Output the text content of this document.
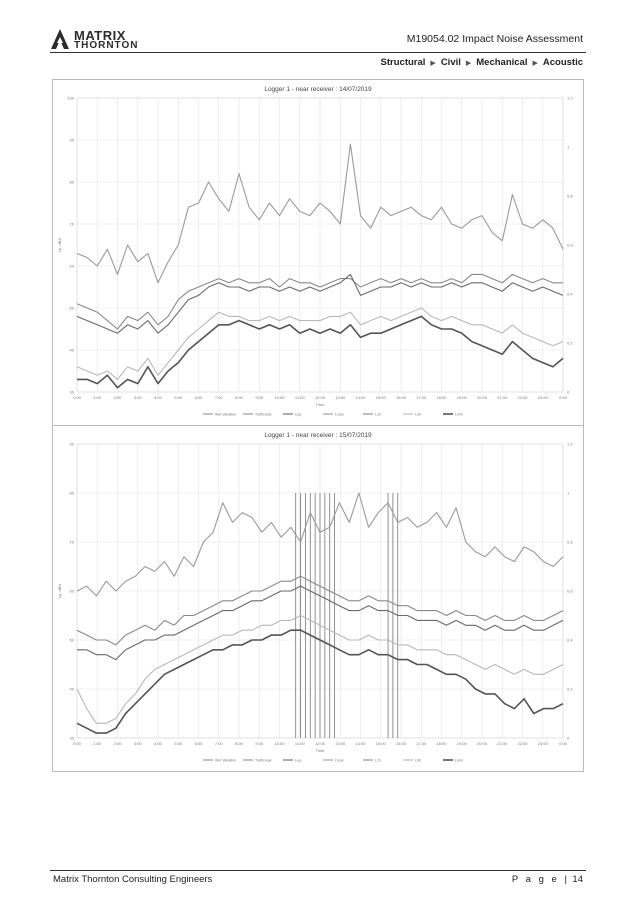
MATRIX
THORNTON
M19054.02 Impact Noise Assessment
Structural ▶ Civil ▶ Mechanical ▶ Acoustic
Logger 1 - near receiver : 14/07/2019
30
40
50
60
70
80
90
100
0
0.2
0.4
0.6
0.8
1
1.2
0:00	1:00	2:00	3:00	4:00	5:00	6:00	7:00	8:00	9:00	10:00	11:00	12:00	13:00	14:00	15:00	16:00	17:00	18:00	19:00	20:00	21:00	22:00	23:00	0:00
Time
Lp, dBA
Wet Variation	Trafficmax	Leq	Lmax	L10	L90	Lmin
Logger 1 - near receiver : 15/07/2019
30
40
50
60
70
80
90
0
0.2
0.4
0.6
0.8
1
1.2
0:00	1:00	2:00	3:00	4:00	5:00	6:00	7:00	8:00	9:00	10:00	11:00	12:00	13:00	14:00	15:00	16:00	17:00	18:00	19:00	20:00	21:00	22:00	23:00	0:00
Time
Lp, dBA
Wet Variation	Trafficmax	Leq	Lmax	L10	L90	Lmin
Matrix Thornton Consulting Engineers	P a g e | 14
